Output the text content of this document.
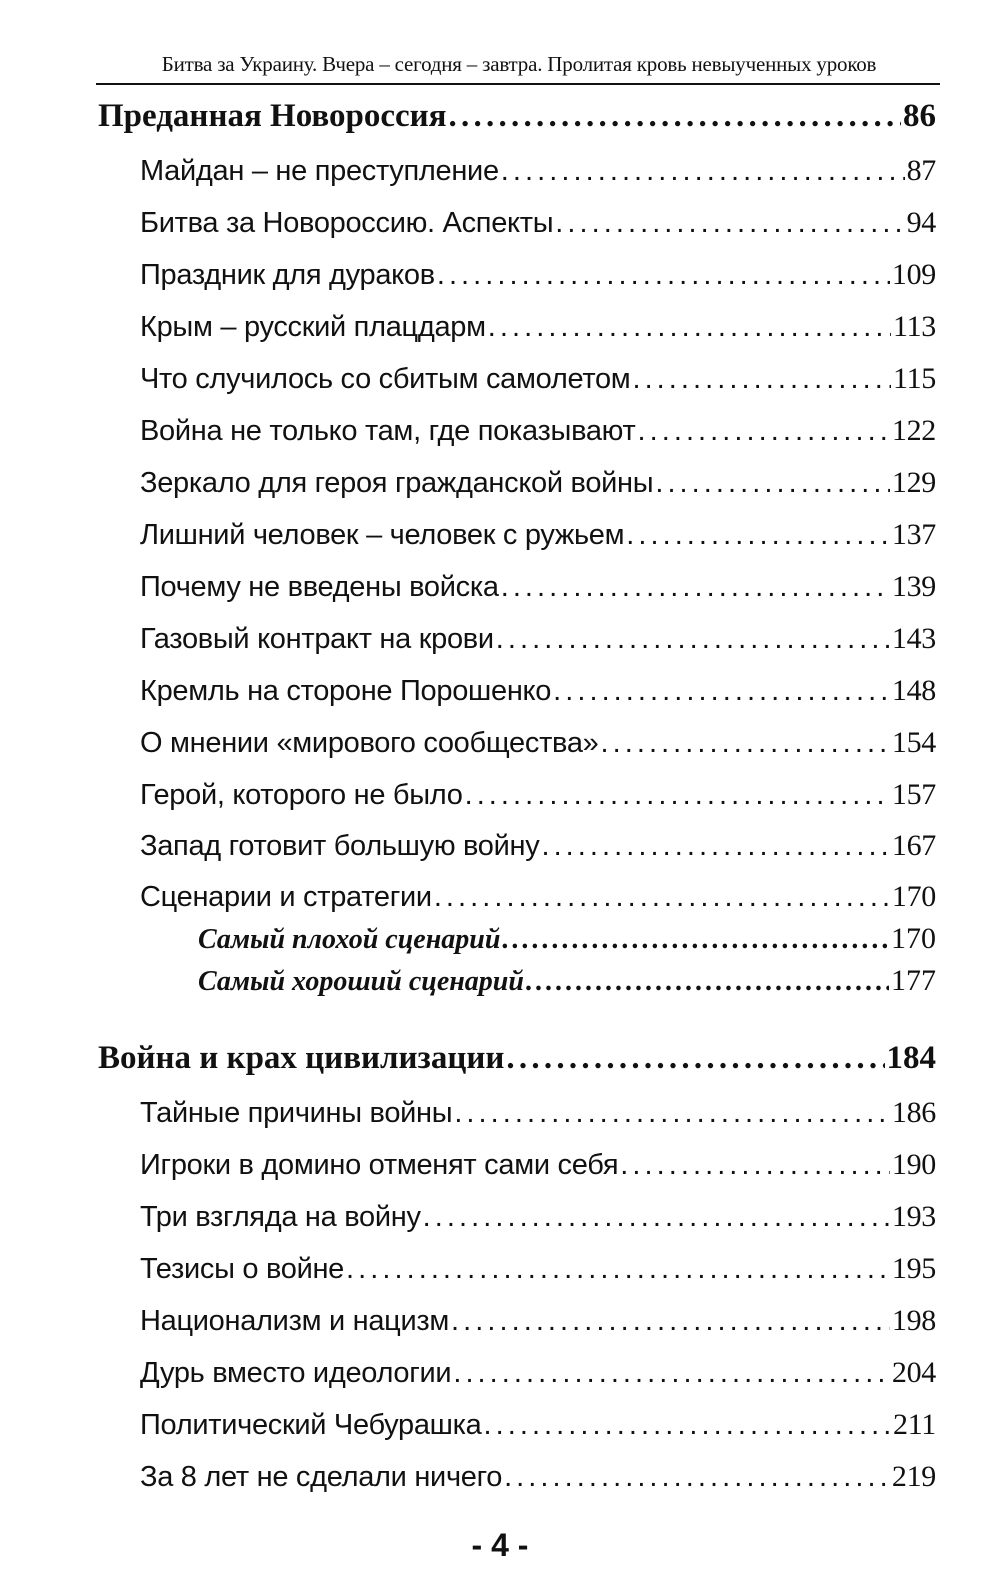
Битва за Украину. Вчера – сегодня – завтра. Пролитая кровь невыученных уроков
Преданная Новороссия . . .	86
Майдан – не преступление . . .	87
Битва за Новороссию. Аспекты . . .	94
Праздник для дураков . . .	109
Крым – русский плацдарм . . .	113
Что случилось со сбитым самолетом . . .	115
Война не только там, где показывают . . .	122
Зеркало для героя гражданской войны . . .	129
Лишний человек – человек с ружьем . . .	137
Почему не введены войска . . .	139
Газовый контракт на крови . . .	143
Кремль на стороне Порошенко . . .	148
О мнении «мирового сообщества» . . .	154
Герой, которого не было . . .	157
Запад готовит большую войну . . .	167
Сценарии и стратегии . . .	170
Самый плохой сценарий . . .	170
Самый хороший сценарий . . .	177
Война и крах цивилизации . . .	184
Тайные причины войны . . .	186
Игроки в домино отменят сами себя . . .	190
Три взгляда на войну . . .	193
Тезисы о войне . . .	195
Национализм и нацизм . . .	198
Дурь вместо идеологии . . .	204
Политический Чебурашка . . .	211
За 8 лет не сделали ничего . . .	219
- 4 -
